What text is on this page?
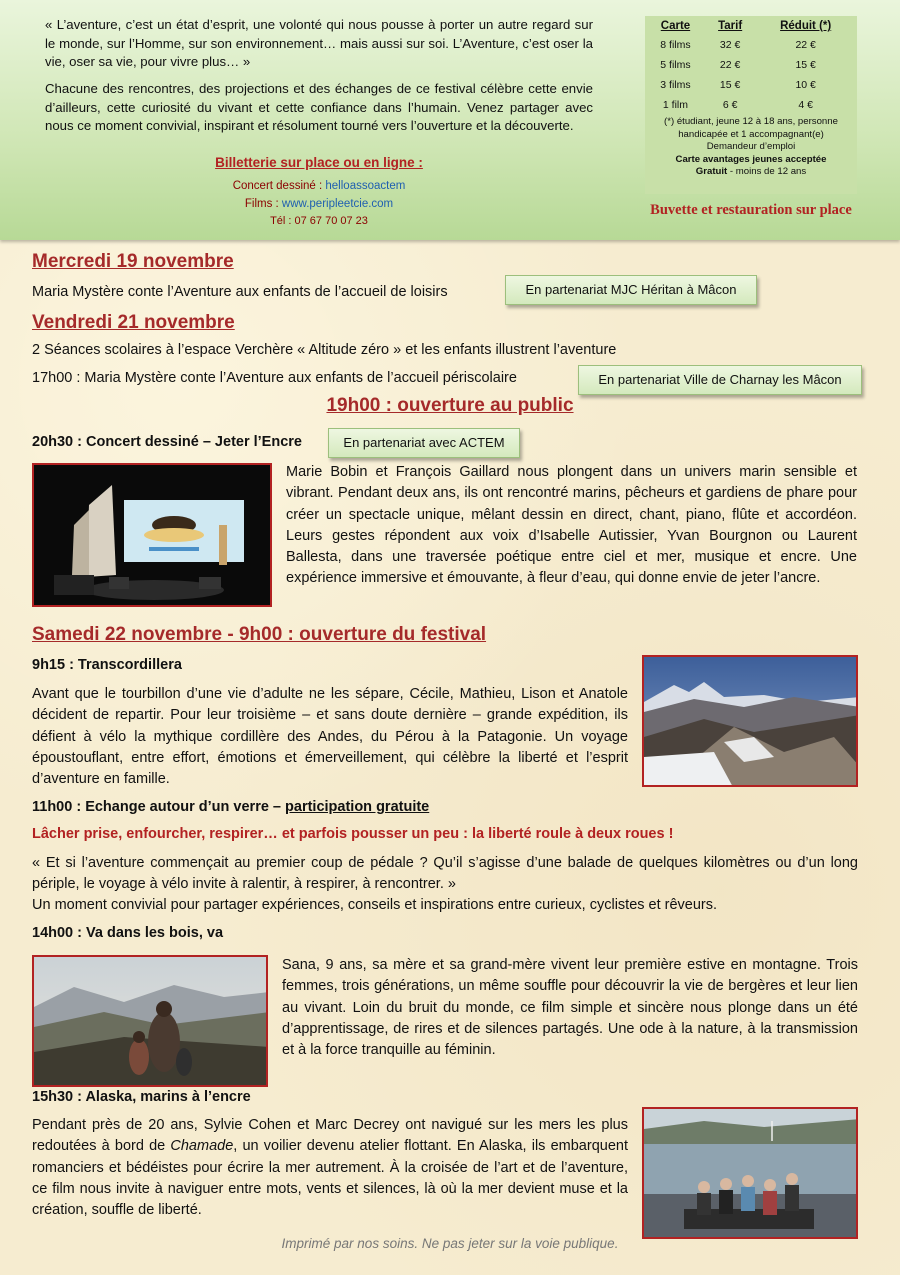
« L’aventure, c’est un état d’esprit, une volonté qui nous pousse à porter un autre regard sur le monde, sur l’Homme, sur son environnement… mais aussi sur soi. L’Aventure, c’est oser la vie, oser sa vie, pour vivre plus… »
Chacune des rencontres, des projections et des échanges de ce festival célèbre cette envie d’ailleurs, cette curiosité du vivant et cette confiance dans l’humain. Venez partager avec nous ce moment convivial, inspirant et résolument tourné vers l’ouverture et la découverte.
Billetterie sur place ou en ligne :
Concert dessiné : helloassoactem
Films : www.peripleetcie.com
Tél : 07 67 70 07 23
Carte	Tarif	Réduit (*)
8 films	32 €	22 €
5 films	22 €	15 €
3 films	15 €	10 €
1 film	6 €	4 €
(*) étudiant, jeune 12 à 18 ans, personne handicapée et 1 accompagnant(e)
Demandeur d’emploi
Carte avantages jeunes acceptée
Gratuit - moins de 12 ans
Buvette et restauration sur place
Mercredi 19 novembre
Maria Mystère conte l’Aventure aux enfants de l’accueil de loisirs	En partenariat MJC Héritan à Mâcon
Vendredi 21 novembre
2 Séances scolaires à l’espace Verchère « Altitude zéro » et les enfants illustrent l’aventure
17h00 : Maria Mystère conte l’Aventure aux enfants de l’accueil périscolaire	En partenariat Ville de Charnay les Mâcon
19h00 : ouverture au public
20h30 : Concert dessiné – Jeter l’Encre	En partenariat avec ACTEM
Marie Bobin et François Gaillard nous plongent dans un univers marin sensible et vibrant. Pendant deux ans, ils ont rencontré marins, pêcheurs et gardiens de phare pour créer un spectacle unique, mêlant dessin en direct, chant, piano, flûte et accordéon. Leurs gestes répondent aux voix d’Isabelle Autissier, Yvan Bourgnon ou Laurent Ballesta, dans une traversée poétique entre ciel et mer, musique et encre. Une expérience immersive et émouvante, à fleur d’eau, qui donne envie de jeter l’ancre.
Samedi 22 novembre - 9h00 : ouverture du festival
9h15 : Transcordillera
Avant que le tourbillon d’une vie d’adulte ne les sépare, Cécile, Mathieu, Lison et Anatole décident de repartir. Pour leur troisième – et sans doute dernière – grande expédition, ils défient à vélo la mythique cordillère des Andes, du Pérou à la Patagonie. Un voyage époustouflant, entre effort, émotions et émerveillement, qui célèbre la liberté et l’esprit d’aventure en famille.
11h00 : Echange autour d’un verre – participation gratuite
Lâcher prise, enfourcher, respirer… et parfois pousser un peu : la liberté roule à deux roues !
« Et si l’aventure commençait au premier coup de pédale ? Qu’il s’agisse d’une balade de quelques kilomètres ou d’un long périple, le voyage à vélo invite à ralentir, à respirer, à rencontrer. »
Un moment convivial pour partager expériences, conseils et inspirations entre curieux, cyclistes et rêveurs.
14h00 : Va dans les bois, va
Sana, 9 ans, sa mère et sa grand-mère vivent leur première estive en montagne. Trois femmes, trois générations, un même souffle pour découvrir la vie de bergères et leur lien au vivant. Loin du bruit du monde, ce film simple et sincère nous plonge dans un été d’apprentissage, de rires et de silences partagés. Une ode à la nature, à la transmission et à la force tranquille au féminin.
15h30 : Alaska, marins à l’encre
Pendant près de 20 ans, Sylvie Cohen et Marc Decrey ont navigué sur les mers les plus redoutées à bord de Chamade, un voilier devenu atelier flottant. En Alaska, ils embarquent romanciers et bédéistes pour écrire la mer autrement. À la croisée de l’art et de l’aventure, ce film nous invite à naviguer entre mots, vents et silences, là où la mer devient muse et la création, souffle de liberté.
Imprimé par nos soins. Ne pas jeter sur la voie publique.
